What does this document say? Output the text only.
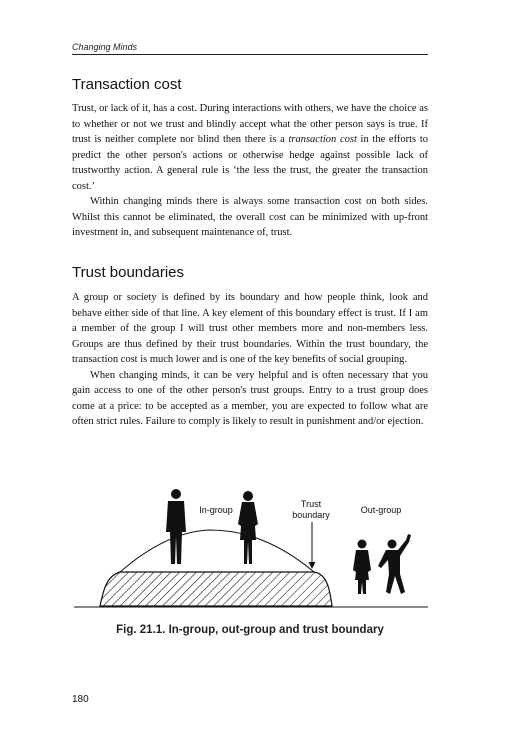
Changing Minds
Transaction cost

Trust, or lack of it, has a cost. During interactions with others, we have the choice as to whether or not we trust and blindly accept what the other person says is true. If trust is neither complete nor blind then there is a transaction cost in the efforts to predict the other person's actions or otherwise hedge against possible lack of trustworthy action. A general rule is ‘the less the trust, the greater the transaction cost.’

Within changing minds there is always some transaction cost on both sides. Whilst this cannot be eliminated, the overall cost can be minimized with up-front investment in, and subsequent maintenance of, trust.

Trust boundaries

A group or society is defined by its boundary and how people think, look and behave either side of that line. A key element of this boundary effect is trust. If I am a member of the group I will trust other members more and non-members less. Groups are thus defined by their trust boundaries. Within the trust boundary, the transaction cost is much lower and is one of the key benefits of social grouping.

When changing minds, it can be very helpful and is often necessary that you gain access to one of the other person's trust groups. Entry to a trust group does come at a price: to be accepted as a member, you are expected to follow what are often strict rules. Failure to comply is likely to result in punishment and/or ejection.

In-group
Trust
boundary	Out-group
Fig. 21.1. In-group, out-group and trust boundary
180
